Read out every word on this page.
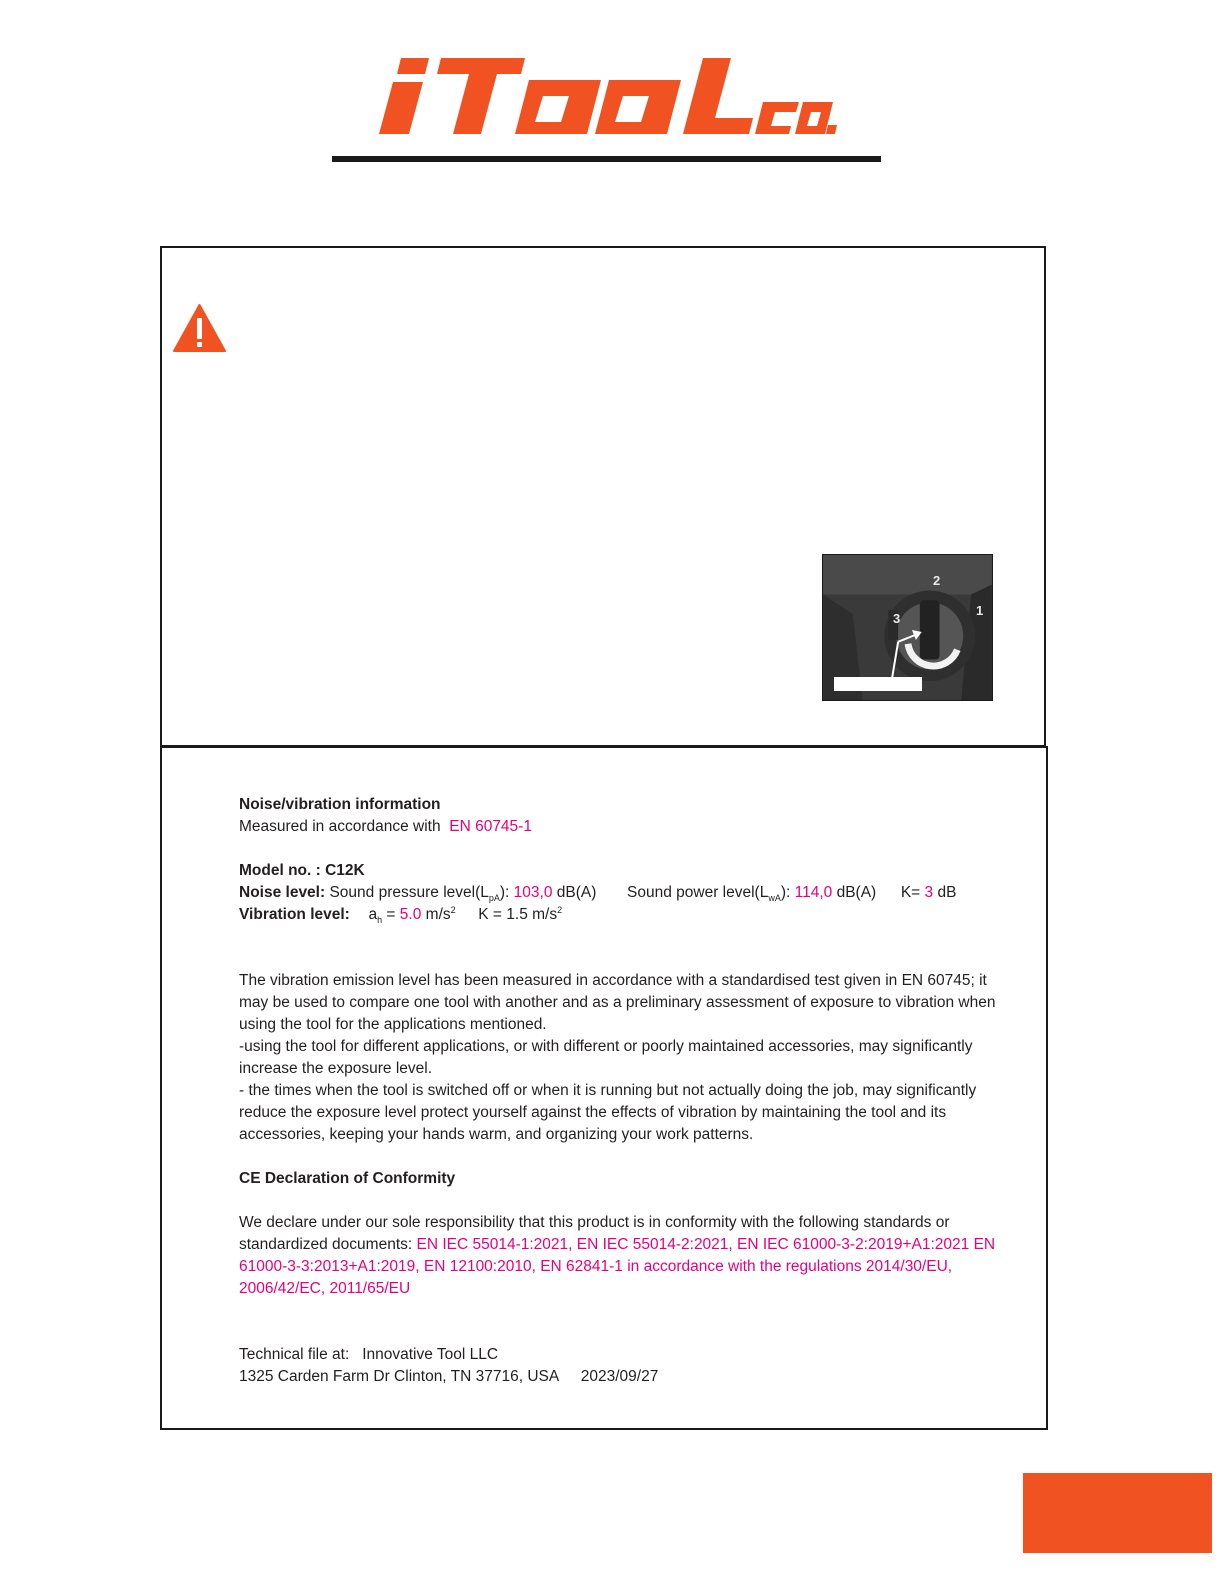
2
3
1

Noise/vibration information

Measured in accordance with EN 60745-1

Model no. : C12K

Noise level: Sound pressure $level(L_{pA})$: 103,0 dB(A) Sound power $level(L_{wA})$: 114,0 dB(A) K= 3 dB

Vibration level: $a_h = 5.0$ $m/s^2$ K = 1.5 $m/s^2$

The vibration emission level has been measured in accordance with a standardised test given in EN 60745; it may be used to compare one tool with another and as a preliminary assessment of exposure to vibration when using the tool for the applications mentioned.

-using the tool for different applications, or with different or poorly maintained accessories, may significantly increase the exposure level.

- the times when the tool is switched off or when it is running but not actually doing the job, may significantly reduce the exposure level protect yourself against the effects of vibration by maintaining the tool and its accessories, keeping your hands warm, and organizing your work patterns.

CE Declaration of Conformity

We declare under our sole responsibility that this product is in conformity with the following standards or standardized documents: EN IEC 55014-1:2021, EN IEC 55014-2:2021, EN IEC 61000-3-2:2019+A1:2021 EN 61000-3-3:2013+A1:2019, EN 12100:2010, EN 62841-1 in accordance with the regulations 2014/30/EU, 2006/42/EC, 2011/65/EU

Technical file at: Innovative Tool LLC

1325 Carden Farm Dr Clinton, TN 37716, USA 2023/09/27
